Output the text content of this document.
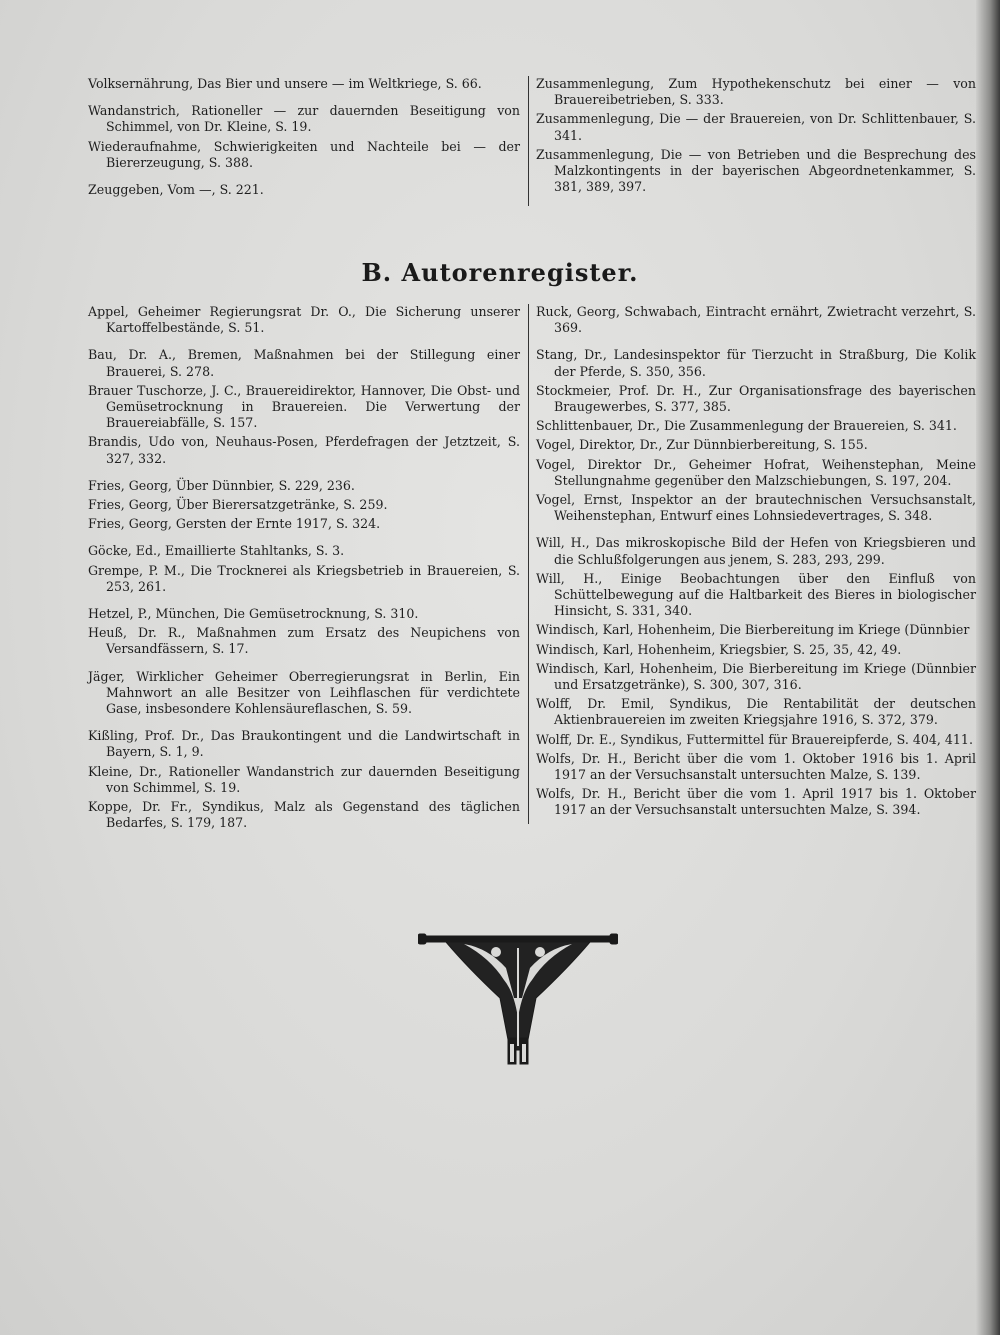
Volksernährung, Das Bier und unsere — im Weltkriege, S. 66.

Wandanstrich, Rationeller — zur dauernden Beseitigung von Schimmel, von Dr. Kleine, S. 19.

Wiederaufnahme, Schwierigkeiten und Nachteile bei — der Biererzeugung, S. 388.

Zeuggeben, Vom —, S. 221.

Zusammenlegung, Zum Hypothekenschutz bei einer — von Brauereibetrieben, S. 333.

Zusammenlegung, Die — der Brauereien, von Dr. Schlittenbauer, S. 341.

Zusammenlegung, Die — von Betrieben und die Besprechung des Malzkontingents in der bayerischen Abgeordnetenkammer, S. 381, 389, 397.

B. Autorenregister.

Appel, Geheimer Regierungsrat Dr. O., Die Sicherung unserer Kartoffelbestände, S. 51.

Bau, Dr. A., Bremen, Maßnahmen bei der Stillegung einer Brauerei, S. 278.

Brauer Tuschorze, J. C., Brauereidirektor, Hannover, Die Obst- und Gemüsetrocknung in Brauereien. Die Verwertung der Brauereiabfälle, S. 157.

Brandis, Udo von, Neuhaus-Posen, Pferdefragen der Jetztzeit, S. 327, 332.

Fries, Georg, Über Dünnbier, S. 229, 236.

Fries, Georg, Über Bierersatzgetränke, S. 259.

Fries, Georg, Gersten der Ernte 1917, S. 324.

Göcke, Ed., Emaillierte Stahltanks, S. 3.

Grempe, P. M., Die Trocknerei als Kriegsbetrieb in Brauereien, S. 253, 261.

Hetzel, P., München, Die Gemüsetrocknung, S. 310.

Heuß, Dr. R., Maßnahmen zum Ersatz des Neupichens von Versandfässern, S. 17.

Jäger, Wirklicher Geheimer Oberregierungsrat in Berlin, Ein Mahnwort an alle Besitzer von Leihflaschen für verdichtete Gase, insbesondere Kohlensäureflaschen, S. 59.

Kißling, Prof. Dr., Das Braukontingent und die Landwirtschaft in Bayern, S. 1, 9.

Kleine, Dr., Rationeller Wandanstrich zur dauernden Beseitigung von Schimmel, S. 19.

Koppe, Dr. Fr., Syndikus, Malz als Gegenstand des täglichen Bedarfes, S. 179, 187.

Ruck, Georg, Schwabach, Eintracht ernährt, Zwietracht verzehrt, S. 369.

Stang, Dr., Landesinspektor für Tierzucht in Straßburg, Die Kolik der Pferde, S. 350, 356.

Stockmeier, Prof. Dr. H., Zur Organisationsfrage des bayerischen Braugewerbes, S. 377, 385.

Schlittenbauer, Dr., Die Zusammenlegung der Brauereien, S. 341.

Vogel, Direktor, Dr., Zur Dünnbierbereitung, S. 155.

Vogel, Direktor Dr., Geheimer Hofrat, Weihenstephan, Meine Stellungnahme gegenüber den Malzschiebungen, S. 197, 204.

Vogel, Ernst, Inspektor an der brautechnischen Versuchsanstalt, Weihenstephan, Entwurf eines Lohnsiedevertrages, S. 348.

Will, H., Das mikroskopische Bild der Hefen von Kriegsbieren und die Schlußfolgerungen aus jenem, S. 283, 293, 299.

Will, H., Einige Beobachtungen über den Einfluß von Schüttelbewegung auf die Haltbarkeit des Bieres in biologischer Hinsicht, S. 331, 340.

Windisch, Karl, Hohenheim, Die Bierbereitung im Kriege (Dünnbier

Windisch, Karl, Hohenheim, Kriegsbier, S. 25, 35, 42, 49.

Windisch, Karl, Hohenheim, Die Bierbereitung im Kriege (Dünnbier und Ersatzgetränke), S. 300, 307, 316.

Wolff, Dr. Emil, Syndikus, Die Rentabilität der deutschen Aktienbrauereien im zweiten Kriegsjahre 1916, S. 372, 379.

Wolff, Dr. E., Syndikus, Futtermittel für Brauereipferde, S. 404, 411.

Wolfs, Dr. H., Bericht über die vom 1. Oktober 1916 bis 1. April 1917 an der Versuchsanstalt untersuchten Malze, S. 139.

Wolfs, Dr. H., Bericht über die vom 1. April 1917 bis 1. Oktober 1917 an der Versuchsanstalt untersuchten Malze, S. 394.
